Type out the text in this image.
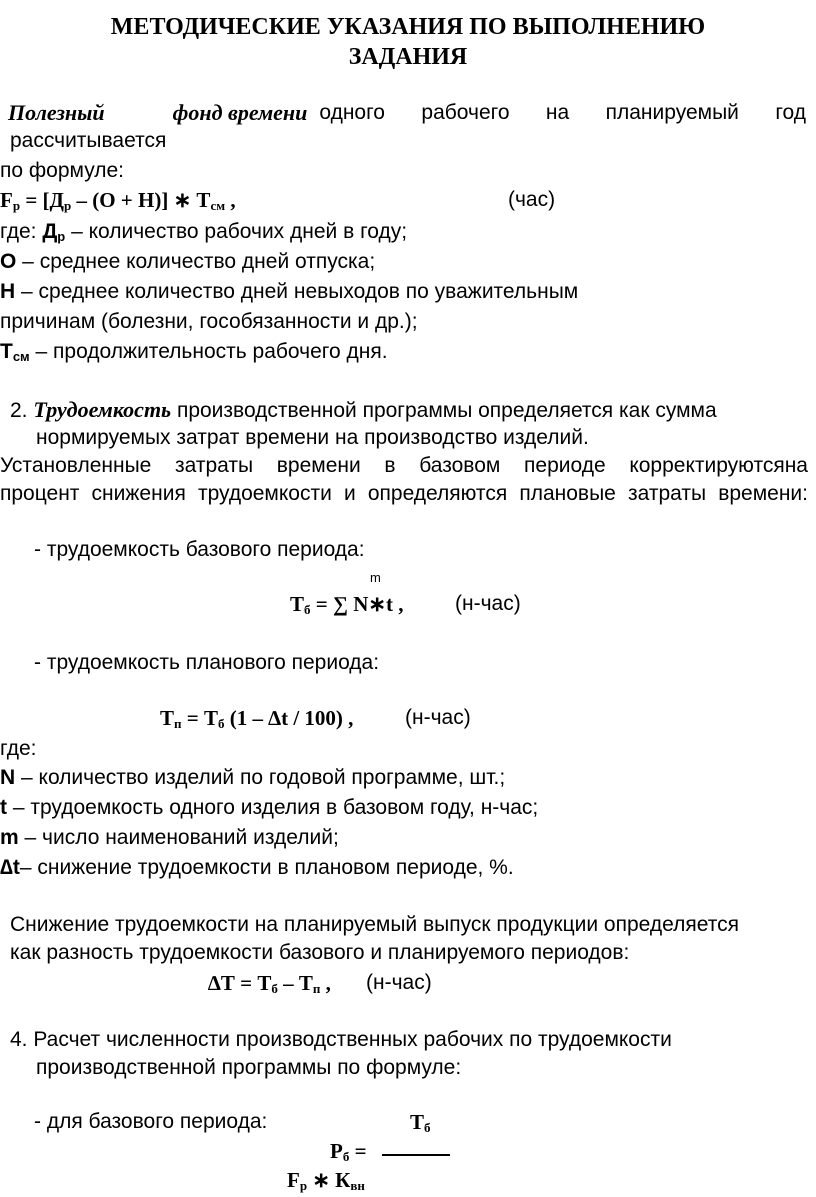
МЕТОДИЧЕСКИЕ УКАЗАНИЯ ПО ВЫПОЛНЕНИЮ
ЗАДАНИЯ
Полезный	фонд времени одного рабочего на планируемый год
рассчитывается
по формуле:
$F_р = [Д_р - (О + Н)]$ ∗ $Т_{см}$ ,	(час)
где: $Д_р$ – количество рабочих дней в году;
О – среднее количество дней отпуска;
Н – среднее количество дней невыходов по уважительным
причинам (болезни, гособязанности и др.);
$Т_{см}$ – продолжительность рабочего дня.
2. Трудоемкость производственной программы определяется как сумма
нормируемых затрат времени на производство изделий.
Установленные затраты времени в базовом периоде корректируютсяна
процент снижения трудоемкости и определяются плановые затраты времени:
- трудоемкость базового периода:
m
$Т_б$ = ∑ N∗t , (н-час)
- трудоемкость планового периода:
$Т_п = Т_б$ (1 – ∆t / 100) , (н-час)
где:
N – количество изделий по годовой программе, шт.;
t – трудоемкость одного изделия в базовом году, н-час;
m – число наименований изделий;
∆t– снижение трудоемкости в плановом периоде, %.
Снижение трудоемкости на планируемый выпуск продукции определяется
как разность трудоемкости базового и планируемого периодов:
$\Delta Т = Т_б - Т_п$ , (н-час)
4. Расчет численности производственных рабочих по трудоемкости
производственной программы по формуле:
- для базового периода:	$Т_б$
$Р_б$ =
$F_р$ ∗ $К_{вн}$
